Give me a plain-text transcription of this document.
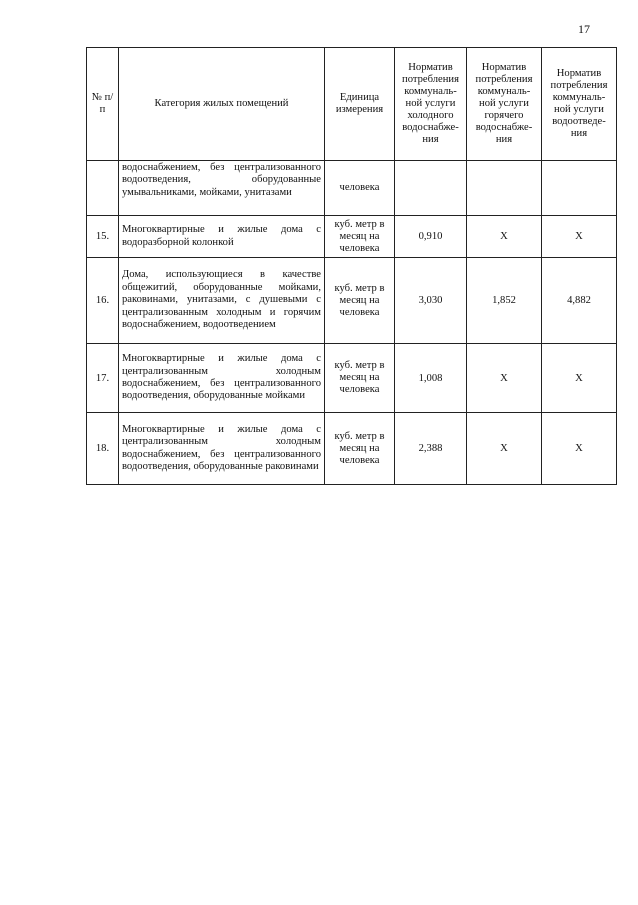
17
№ п/п	Категория жилых помещений	Единица измерения	Норматив потребления коммуналь-ной услуги холодного водоснабже-ния	Норматив потребления коммуналь-ной услуги горячего водоснабже-ния	Норматив потребления коммуналь-ной услуги водоотведе-ния
	водоснабжением, без централизованного водоотведения, оборудованные умывальниками, мойками, унитазами	человека			
15.	Многоквартирные и жилые дома с водоразборной колонкой	куб. метр в месяц на человека	0,910	Х	Х
16.	Дома, использующиеся в качестве общежитий, оборудованные мойками, раковинами, унитазами, с душевыми с централизованным холодным и горячим водоснабжением, водоотведением	куб. метр в месяц на человека	3,030	1,852	4,882
17.	Многоквартирные и жилые дома с централизованным холодным водоснабжением, без централизованного водоотведения, оборудованные мойками	куб. метр в месяц на человека	1,008	Х	Х
18.	Многоквартирные и жилые дома с централизованным холодным водоснабжением, без централизованного водоотведения, оборудованные раковинами	куб. метр в месяц на человека	2,388	Х	Х
